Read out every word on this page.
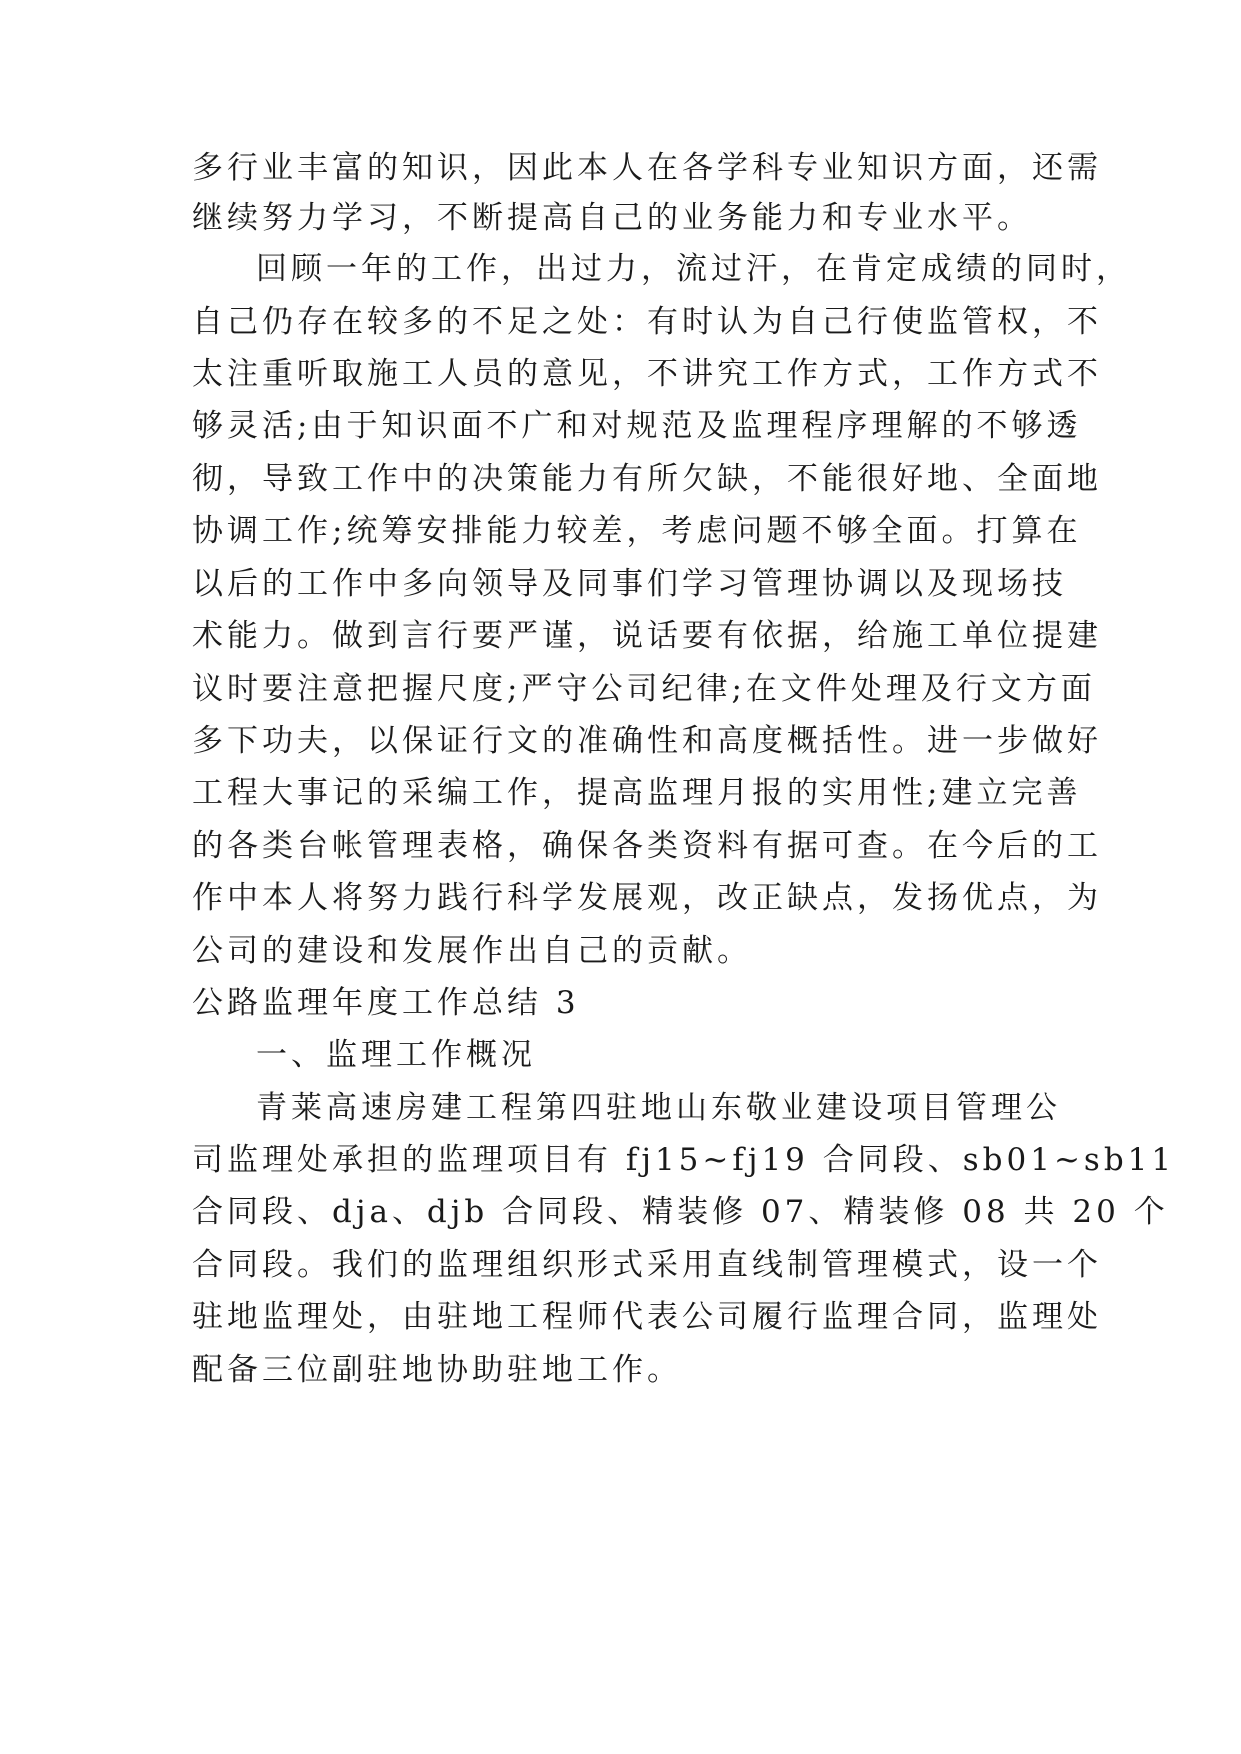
多行业丰富的知识，因此本人在各学科专业知识方面，还需
继续努力学习，不断提高自己的业务能力和专业水平。
回顾一年的工作，出过力，流过汗，在肯定成绩的同时，
自己仍存在较多的不足之处：有时认为自己行使监管权，不
太注重听取施工人员的意见，不讲究工作方式，工作方式不
够灵活;由于知识面不广和对规范及监理程序理解的不够透
彻，导致工作中的决策能力有所欠缺，不能很好地、全面地
协调工作;统筹安排能力较差，考虑问题不够全面。打算在
以后的工作中多向领导及同事们学习管理协调以及现场技
术能力。做到言行要严谨，说话要有依据，给施工单位提建
议时要注意把握尺度;严守公司纪律;在文件处理及行文方面
多下功夫，以保证行文的准确性和高度概括性。进一步做好
工程大事记的采编工作，提高监理月报的实用性;建立完善
的各类台帐管理表格，确保各类资料有据可查。在今后的工
作中本人将努力践行科学发展观，改正缺点，发扬优点，为
公司的建设和发展作出自己的贡献。
公路监理年度工作总结 3
一、监理工作概况
青莱高速房建工程第四驻地山东敬业建设项目管理公
司监理处承担的监理项目有 fj15~fj19 合同段、sb01~sb11
合同段、dja、djb 合同段、精装修 07、精装修 08 共 20 个
合同段。我们的监理组织形式采用直线制管理模式，设一个
驻地监理处，由驻地工程师代表公司履行监理合同，监理处
配备三位副驻地协助驻地工作。
